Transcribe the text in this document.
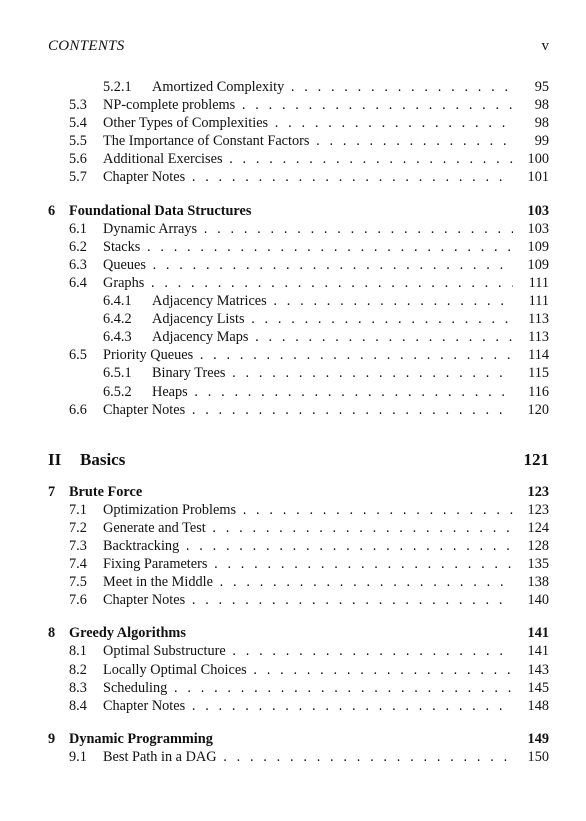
CONTENTS	v
5.2.1 Amortized Complexity . . .	95
5.3 NP-complete problems . . .	98
5.4 Other Types of Complexities . . .	98
5.5 The Importance of Constant Factors . . .	99
5.6 Additional Exercises . . .	100
5.7 Chapter Notes . . .	101
6 Foundational Data Structures	103
6.1 Dynamic Arrays . . .	103
6.2 Stacks . . .	109
6.3 Queues . . .	109
6.4 Graphs . . .	111
6.4.1 Adjacency Matrices . . .	111
6.4.2 Adjacency Lists . . .	113
6.4.3 Adjacency Maps . . .	113
6.5 Priority Queues . . .	114
6.5.1 Binary Trees . . .	115
6.5.2 Heaps . . .	116
6.6 Chapter Notes . . .	120
II Basics	121
7 Brute Force	123
7.1 Optimization Problems . . .	123
7.2 Generate and Test . . .	124
7.3 Backtracking . . .	128
7.4 Fixing Parameters . . .	135
7.5 Meet in the Middle . . .	138
7.6 Chapter Notes . . .	140
8 Greedy Algorithms	141
8.1 Optimal Substructure . . .	141
8.2 Locally Optimal Choices . . .	143
8.3 Scheduling . . .	145
8.4 Chapter Notes . . .	148
9 Dynamic Programming	149
9.1 Best Path in a DAG . . .	150
